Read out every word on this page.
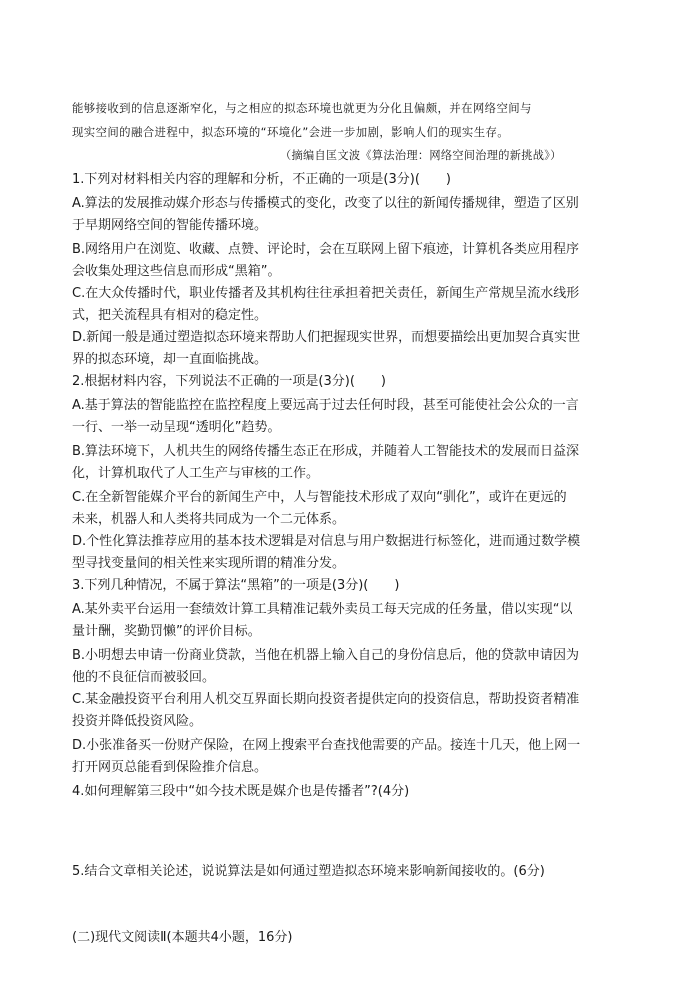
能够接收到的信息逐渐窄化，与之相应的拟态环境也就更为分化且偏颇，并在网络空间与
现实空间的融合进程中，拟态环境的“环境化”会进一步加剧，影响人们的现实生存。
（摘编自匡文波《算法治理：网络空间治理的新挑战》）
1.下列对材料相关内容的理解和分析，不正确的一项是(3分)(　　)
A.算法的发展推动媒介形态与传播模式的变化，改变了以往的新闻传播规律，塑造了区别
于早期网络空间的智能传播环境。
B.网络用户在浏览、收藏、点赞、评论时，会在互联网上留下痕迹，计算机各类应用程序
会收集处理这些信息而形成“黑箱”。
C.在大众传播时代，职业传播者及其机构往往承担着把关责任，新闻生产常规呈流水线形
式，把关流程具有相对的稳定性。
D.新闻一般是通过塑造拟态环境来帮助人们把握现实世界，而想要描绘出更加契合真实世
界的拟态环境，却一直面临挑战。
2.根据材料内容，下列说法不正确的一项是(3分)(　　)
A.基于算法的智能监控在监控程度上要远高于过去任何时段，甚至可能使社会公众的一言
一行、一举一动呈现“透明化”趋势。
B.算法环境下，人机共生的网络传播生态正在形成，并随着人工智能技术的发展而日益深
化，计算机取代了人工生产与审核的工作。
C.在全新智能媒介平台的新闻生产中，人与智能技术形成了双向“驯化”，或许在更远的
未来，机器人和人类将共同成为一个二元体系。
D.个性化算法推荐应用的基本技术逻辑是对信息与用户数据进行标签化，进而通过数学模
型寻找变量间的相关性来实现所谓的精准分发。
3.下列几种情况，不属于算法“黑箱”的一项是(3分)(　　)
A.某外卖平台运用一套绩效计算工具精准记载外卖员工每天完成的任务量，借以实现“以
量计酬，奖勤罚懒”的评价目标。
B.小明想去申请一份商业贷款，当他在机器上输入自己的身份信息后，他的贷款申请因为
他的不良征信而被驳回。
C.某金融投资平台利用人机交互界面长期向投资者提供定向的投资信息，帮助投资者精准
投资并降低投资风险。
D.小张准备买一份财产保险，在网上搜索平台查找他需要的产品。接连十几天，他上网一
打开网页总能看到保险推介信息。
4.如何理解第三段中“如今技术既是媒介也是传播者”?(4分)
5.结合文章相关论述，说说算法是如何通过塑造拟态环境来影响新闻接收的。(6分)
(二)现代文阅读Ⅱ(本题共4小题，16分)
